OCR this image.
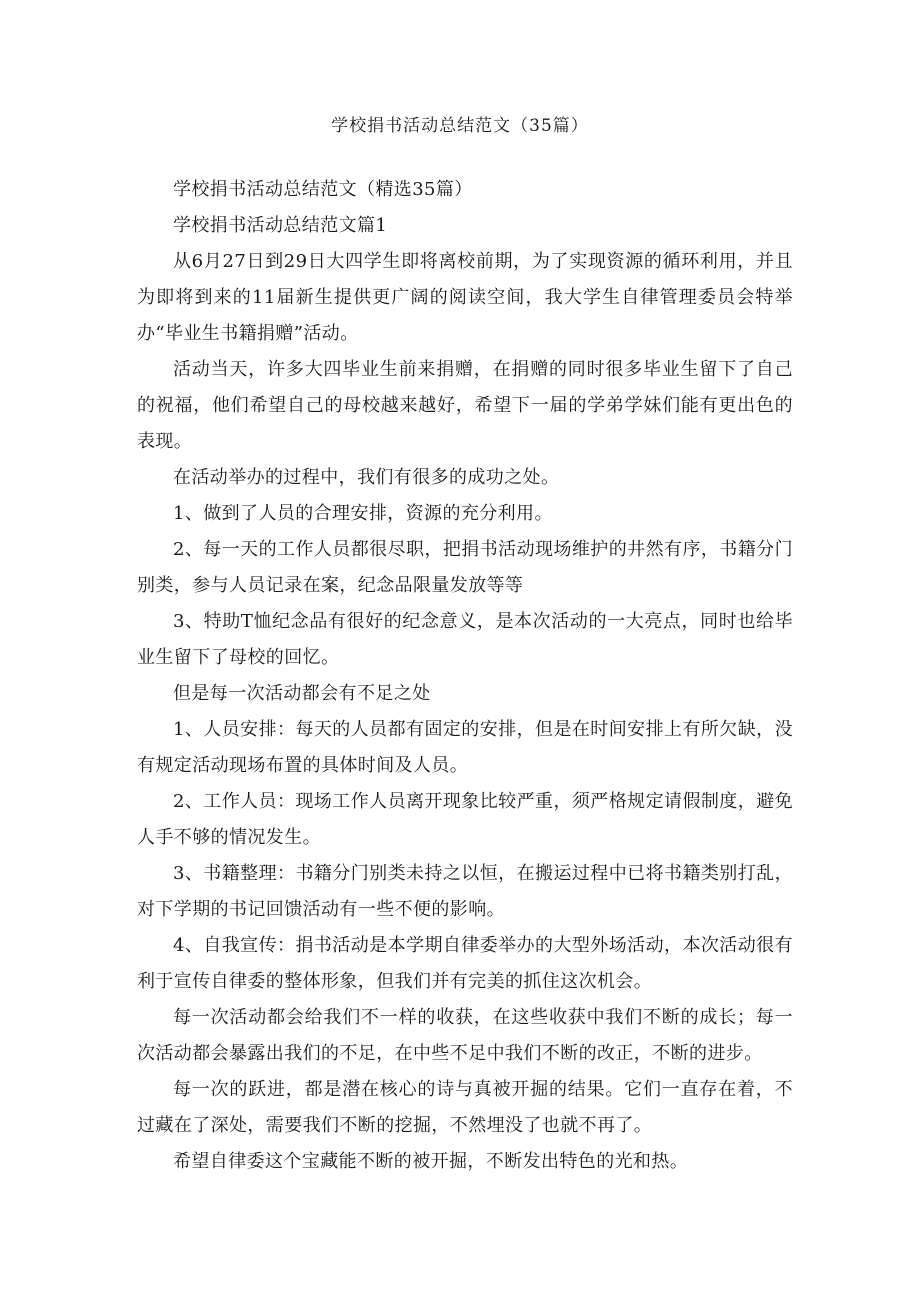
学校捐书活动总结范文（35篇）

学校捐书活动总结范文（精选35篇）

学校捐书活动总结范文篇1

从6月27日到29日大四学生即将离校前期，为了实现资源的循环利用，并且为即将到来的11届新生提供更广阔的阅读空间，我大学生自律管理委员会特举办“毕业生书籍捐赠”活动。

活动当天，许多大四毕业生前来捐赠，在捐赠的同时很多毕业生留下了自己的祝福，他们希望自己的母校越来越好，希望下一届的学弟学妹们能有更出色的表现。

在活动举办的过程中，我们有很多的成功之处。

1、做到了人员的合理安排，资源的充分利用。

2、每一天的工作人员都很尽职，把捐书活动现场维护的井然有序，书籍分门别类，参与人员记录在案，纪念品限量发放等等

3、特助T恤纪念品有很好的纪念意义，是本次活动的一大亮点，同时也给毕业生留下了母校的回忆。

但是每一次活动都会有不足之处

1、人员安排：每天的人员都有固定的安排，但是在时间安排上有所欠缺，没有规定活动现场布置的具体时间及人员。

2、工作人员：现场工作人员离开现象比较严重，须严格规定请假制度，避免人手不够的情况发生。

3、书籍整理：书籍分门别类未持之以恒，在搬运过程中已将书籍类别打乱，对下学期的书记回馈活动有一些不便的影响。

4、自我宣传：捐书活动是本学期自律委举办的大型外场活动，本次活动很有利于宣传自律委的整体形象，但我们并有完美的抓住这次机会。

每一次活动都会给我们不一样的收获，在这些收获中我们不断的成长；每一次活动都会暴露出我们的不足，在中些不足中我们不断的改正，不断的进步。

每一次的跃进，都是潜在核心的诗与真被开掘的结果。它们一直存在着，不过藏在了深处，需要我们不断的挖掘，不然埋没了也就不再了。

希望自律委这个宝藏能不断的被开掘，不断发出特色的光和热。
